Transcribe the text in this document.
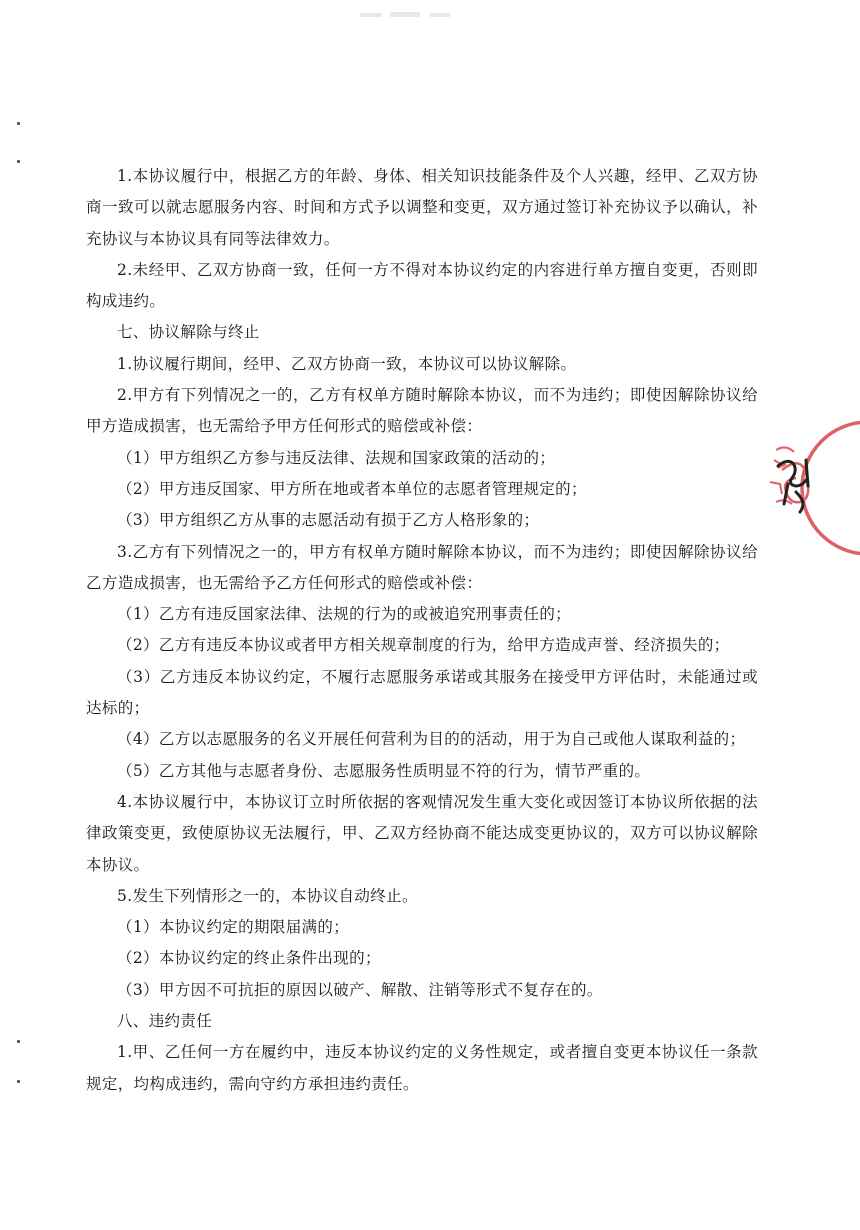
1.本协议履行中，根据乙方的年龄、身体、相关知识技能条件及个人兴趣，经甲、乙双方协商一致可以就志愿服务内容、时间和方式予以调整和变更，双方通过签订补充协议予以确认，补充协议与本协议具有同等法律效力。

2.未经甲、乙双方协商一致，任何一方不得对本协议约定的内容进行单方擅自变更，否则即构成违约。

七、协议解除与终止

1.协议履行期间，经甲、乙双方协商一致，本协议可以协议解除。

2.甲方有下列情况之一的，乙方有权单方随时解除本协议，而不为违约；即使因解除协议给甲方造成损害，也无需给予甲方任何形式的赔偿或补偿：

（1）甲方组织乙方参与违反法律、法规和国家政策的活动的；

（2）甲方违反国家、甲方所在地或者本单位的志愿者管理规定的；

（3）甲方组织乙方从事的志愿活动有损于乙方人格形象的；

3.乙方有下列情况之一的，甲方有权单方随时解除本协议，而不为违约；即使因解除协议给乙方造成损害，也无需给予乙方任何形式的赔偿或补偿：

（1）乙方有违反国家法律、法规的行为的或被追究刑事责任的；

（2）乙方有违反本协议或者甲方相关规章制度的行为，给甲方造成声誉、经济损失的；

（3）乙方违反本协议约定，不履行志愿服务承诺或其服务在接受甲方评估时，未能通过或达标的；

（4）乙方以志愿服务的名义开展任何营利为目的的活动，用于为自己或他人谋取利益的；

（5）乙方其他与志愿者身份、志愿服务性质明显不符的行为，情节严重的。

4.本协议履行中，本协议订立时所依据的客观情况发生重大变化或因签订本协议所依据的法律政策变更，致使原协议无法履行，甲、乙双方经协商不能达成变更协议的，双方可以协议解除本协议。

5.发生下列情形之一的，本协议自动终止。

（1）本协议约定的期限届满的；

（2）本协议约定的终止条件出现的；

（3）甲方因不可抗拒的原因以破产、解散、注销等形式不复存在的。

八、违约责任

1.甲、乙任何一方在履约中，违反本协议约定的义务性规定，或者擅自变更本协议任一条款规定，均构成违约，需向守约方承担违约责任。
